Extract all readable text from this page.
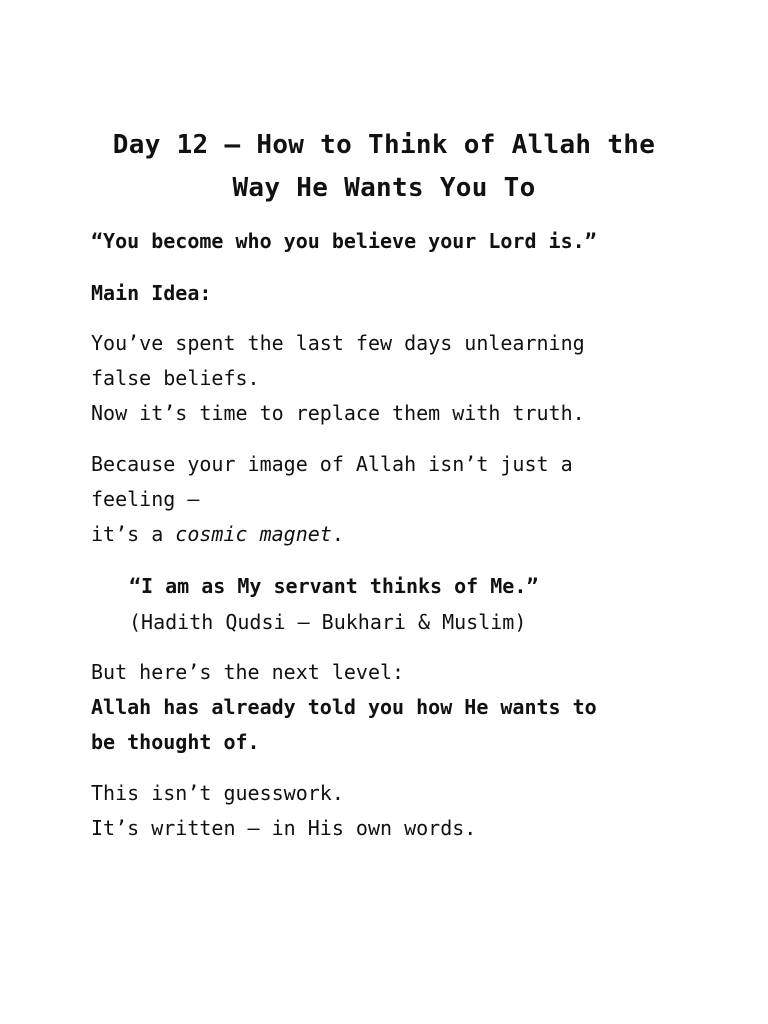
Day 12 – How to Think of Allah the
Way He Wants You To

“You become who you believe your Lord is.”

Main Idea:

You’ve spent the last few days unlearning

false beliefs.

Now it’s time to replace them with truth.

Because your image of Allah isn’t just a

feeling –

it’s a cosmic magnet.

“I am as My servant thinks of Me.”

(Hadith Qudsi – Bukhari & Muslim)

But here’s the next level:

Allah has already told you how He wants to

be thought of.

This isn’t guesswork.

It’s written – in His own words.
